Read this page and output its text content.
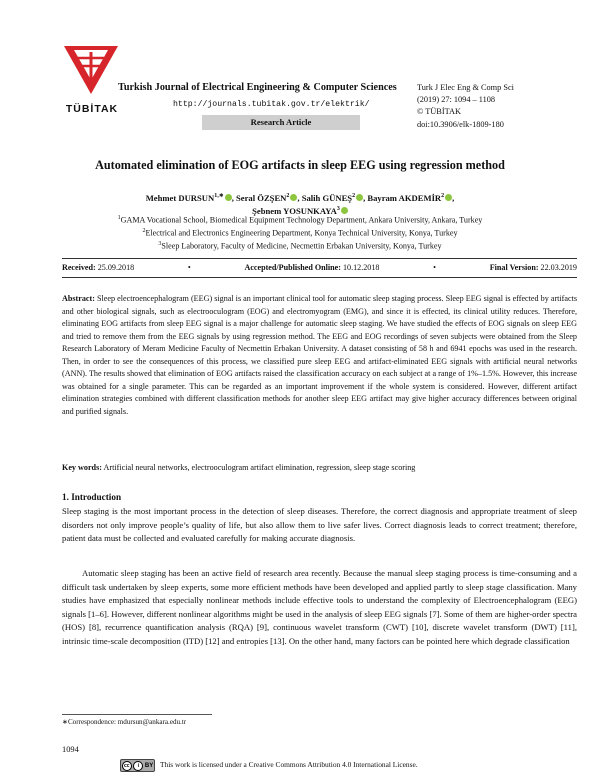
TÜBİTAK
Turkish Journal of Electrical Engineering & Computer Sciences
http://journals.tubitak.gov.tr/elektrik/
Research Article
Turk J Elec Eng & Comp Sci
(2019) 27: 1094 – 1108
© TÜBİTAK
doi:10.3906/elk-1809-180
Automated elimination of EOG artifacts in sleep EEG using regression method
Mehmet $DURSUN^{1,∗}$ , Seral ÖZŞEN$^2$ , Salih GÜNEŞ$^2$ , Bayram AKDEMİR$^2$ ,
Şebnem YOSUNKAYA$^3$
$^1$GAMA Vocational School, Biomedical Equipment Technology Department, Ankara University, Ankara, Turkey
$^2$Electrical and Electronics Engineering Department, Konya Technical University, Konya, Turkey
$^3$Sleep Laboratory, Faculty of Medicine, Necmettin Erbakan University, Konya, Turkey
Received: 25.09.2018	•	Accepted/Published Online: 10.12.2018	•	Final Version: 22.03.2019
Abstract: Sleep electroencephalogram (EEG) signal is an important clinical tool for automatic sleep staging process. Sleep EEG signal is effected by artifacts and other biological signals, such as electrooculogram (EOG) and electromyogram (EMG), and since it is effected, its clinical utility reduces. Therefore, eliminating EOG artifacts from sleep EEG signal is a major challenge for automatic sleep staging. We have studied the effects of EOG signals on sleep EEG and tried to remove them from the EEG signals by using regression method. The EEG and EOG recordings of seven subjects were obtained from the Sleep Research Laboratory of Meram Medicine Faculty of Necmettin Erbakan University. A dataset consisting of 58 h and 6941 epochs was used in the research. Then, in order to see the consequences of this process, we classified pure sleep EEG and artifact-eliminated EEG signals with artificial neural networks (ANN). The results showed that elimination of EOG artifacts raised the classification accuracy on each subject at a range of 1%–1.5%. However, this increase was obtained for a single parameter. This can be regarded as an important improvement if the whole system is considered. However, different artifact elimination strategies combined with different classification methods for another sleep EEG artifact may give higher accuracy differences between original and purified signals.
Key words: Artificial neural networks, electrooculogram artifact elimination, regression, sleep stage scoring
1. Introduction
Sleep staging is the most important process in the detection of sleep diseases. Therefore, the correct diagnosis and appropriate treatment of sleep disorders not only improve people’s quality of life, but also allow them to live safer lives. Correct diagnosis leads to correct treatment; therefore, patient data must be collected and evaluated carefully for making accurate diagnosis.
Automatic sleep staging has been an active field of research area recently. Because the manual sleep staging process is time-consuming and a difficult task undertaken by sleep experts, some more efficient methods have been developed and applied partly to sleep stage classification. Many studies have emphasized that especially nonlinear methods include effective tools to understand the complexity of Electroencephalogram (EEG) signals [1–6]. However, different nonlinear algorithms might be used in the analysis of sleep EEG signals [7]. Some of them are higher-order spectra (HOS) [8], recurrence quantification analysis (RQA) [9], continuous wavelet transform (CWT) [10], discrete wavelet transform (DWT) [11], intrinsic time-scale decomposition (ITD) [12] and entropies [13]. On the other hand, many factors can be pointed here which degrade classification
∗Correspondence: mdursun@ankara.edu.tr
1094
cc	i BY This work is licensed under a Creative Commons Attribution 4.0 International License.
